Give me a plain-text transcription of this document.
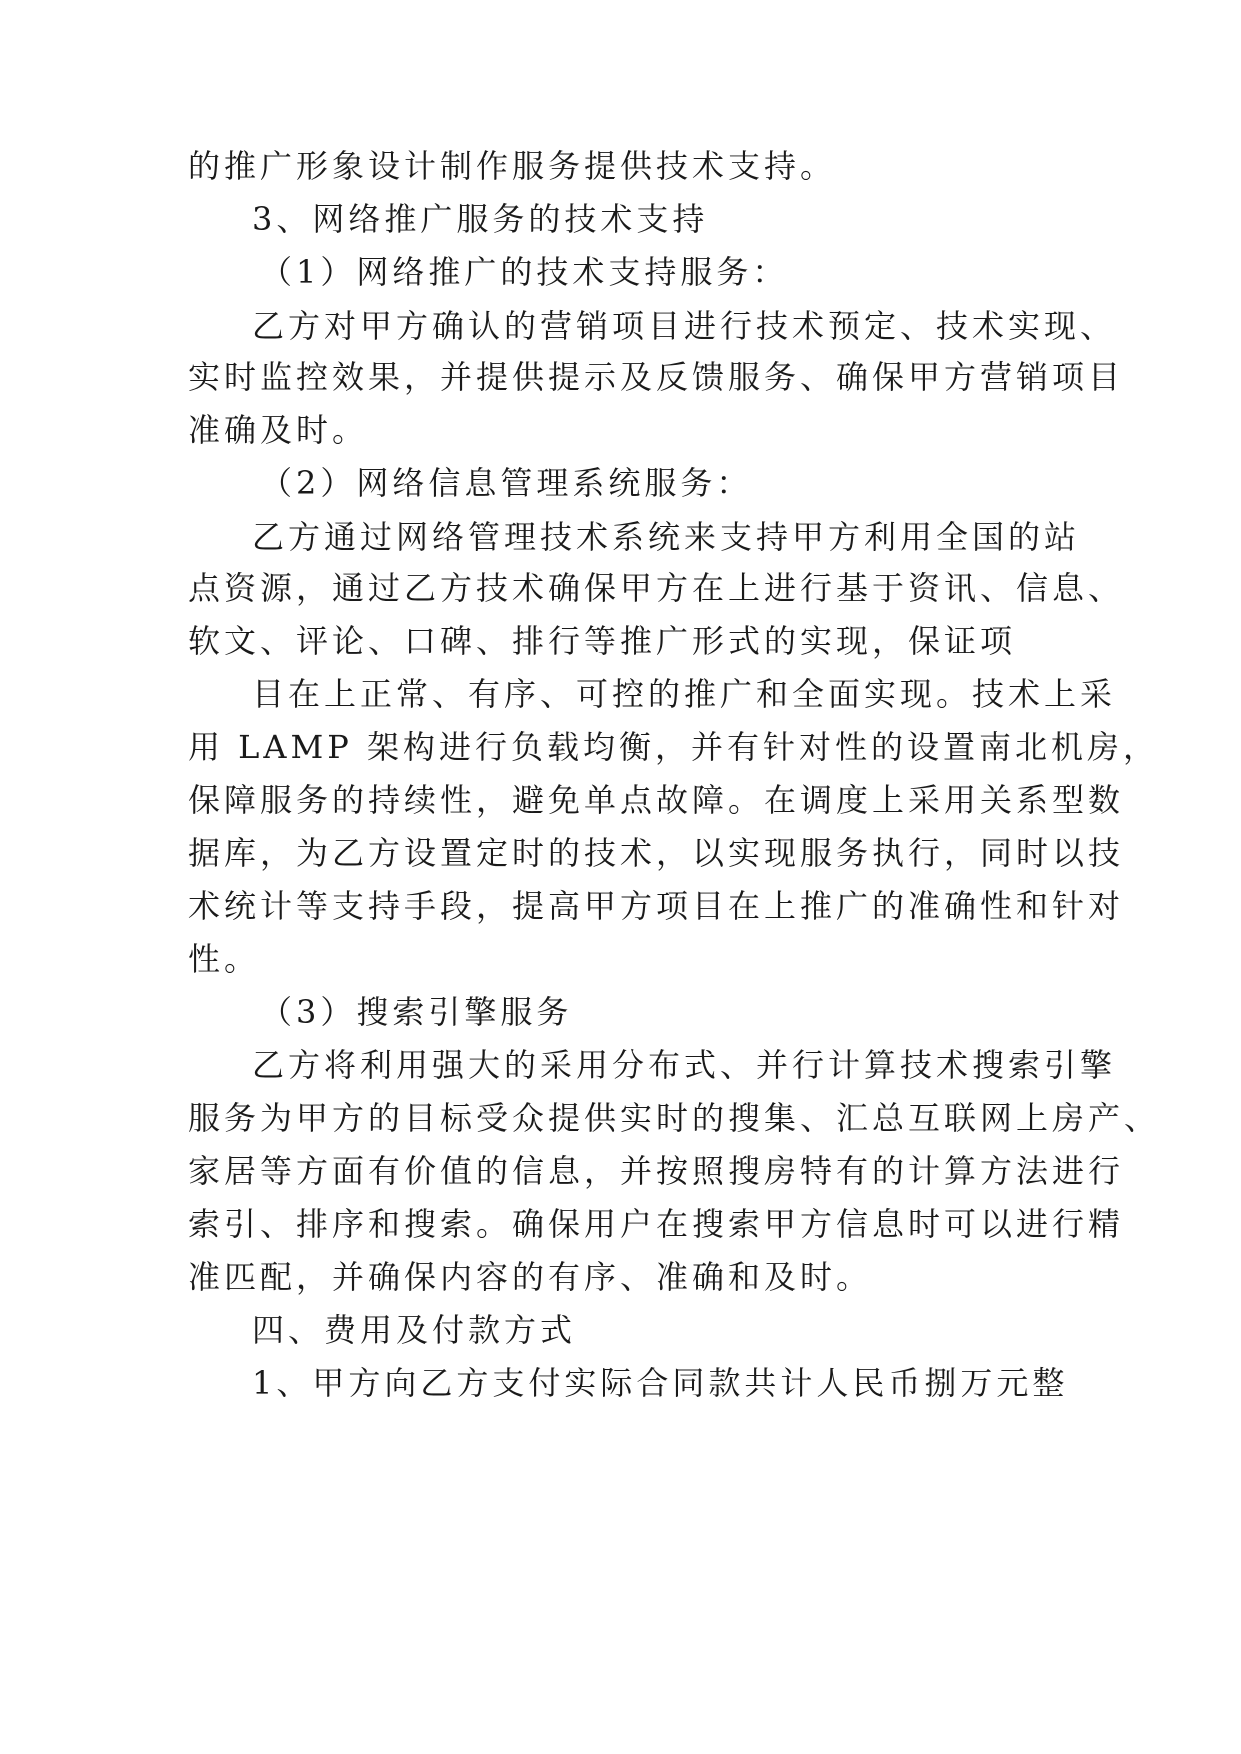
的推广形象设计制作服务提供技术支持。
3、网络推广服务的技术支持
（1）网络推广的技术支持服务：
乙方对甲方确认的营销项目进行技术预定、技术实现、
实时监控效果，并提供提示及反馈服务、确保甲方营销项目
准确及时。
（2）网络信息管理系统服务：
乙方通过网络管理技术系统来支持甲方利用全国的站
点资源，通过乙方技术确保甲方在上进行基于资讯、信息、
软文、评论、口碑、排行等推广形式的实现，保证项
目在上正常、有序、可控的推广和全面实现。技术上采
用 LAMP 架构进行负载均衡，并有针对性的设置南北机房，
保障服务的持续性，避免单点故障。在调度上采用关系型数
据库，为乙方设置定时的技术，以实现服务执行，同时以技
术统计等支持手段，提高甲方项目在上推广的准确性和针对
性。
（3）搜索引擎服务
乙方将利用强大的采用分布式、并行计算技术搜索引擎
服务为甲方的目标受众提供实时的搜集、汇总互联网上房产、
家居等方面有价值的信息，并按照搜房特有的计算方法进行
索引、排序和搜索。确保用户在搜索甲方信息时可以进行精
准匹配，并确保内容的有序、准确和及时。
四、费用及付款方式
1、甲方向乙方支付实际合同款共计人民币捌万元整
